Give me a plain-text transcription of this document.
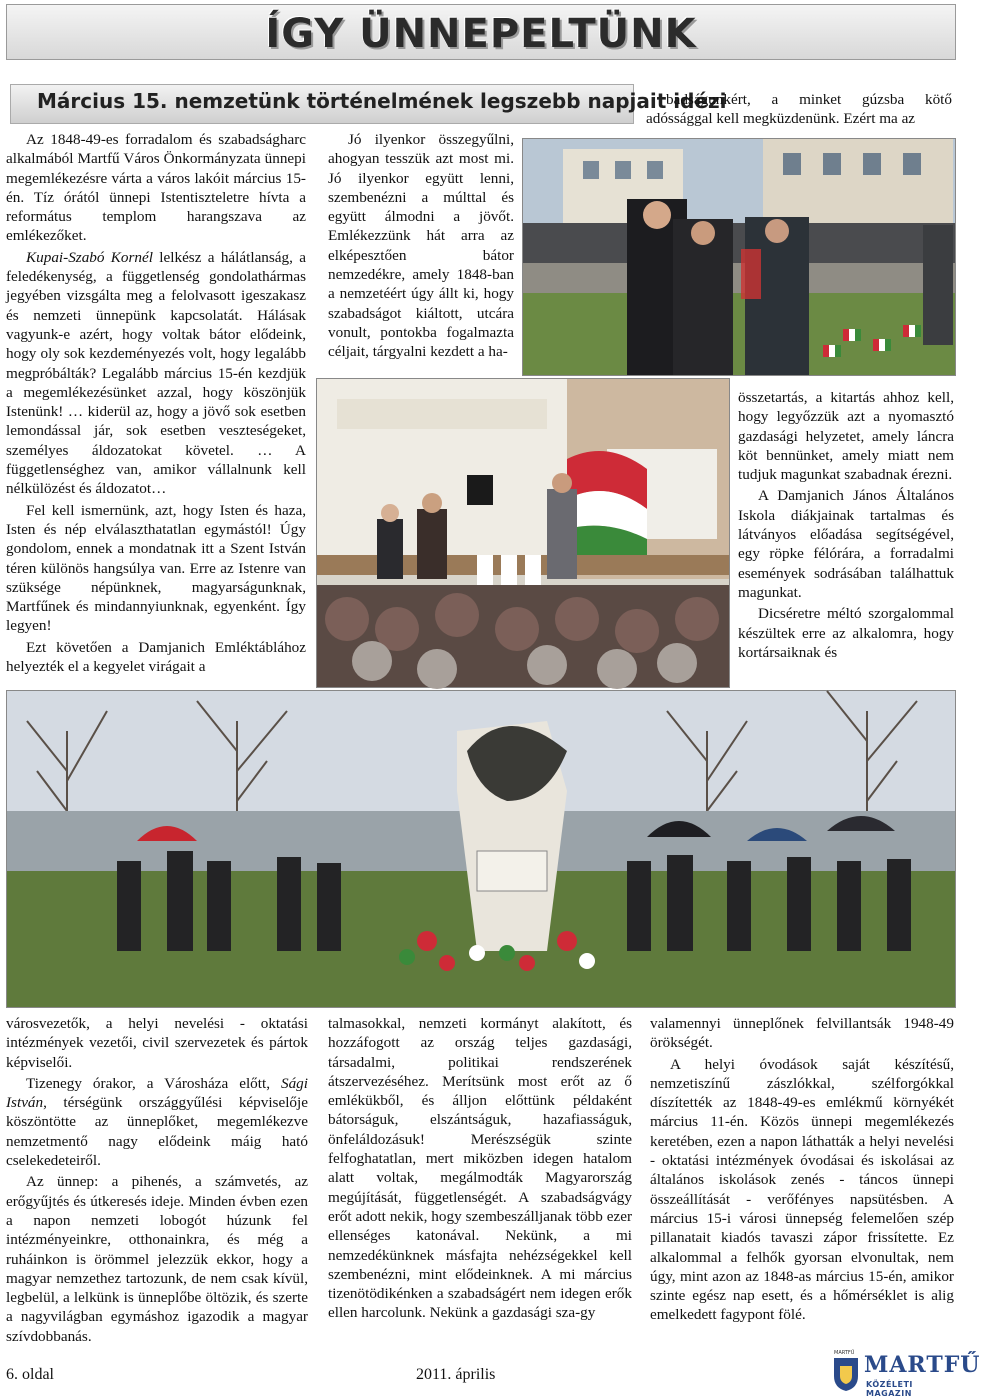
ÍGY ÜNNEPELTÜNK
Március 15. nemzetünk történelmének legszebb napjait idézi

Az 1848-49-es forradalom és szabadságharc alkalmából Martfű Város Önkormányzata ünnepi megemlékezésre várta a város lakóit március 15-én. Tíz órától ünnepi Istentiszteletre hívta a református templom harangszava az emlékezőket.

Kupai-Szabó Kornél lelkész a hálátlanság, a feledékenység, a függetlenség gondolathármas jegyében vizsgálta meg a felolvasott igeszakasz és nemzeti ünnepünk kapcsolatát. Hálásak vagyunk-e azért, hogy voltak bátor elődeink, hogy oly sok kezdeményezés volt, hogy legalább megpróbálták? Legalább március 15-én kezdjük a megemlékezésünket azzal, hogy köszönjük Istenünk! … kiderül az, hogy a jövő sok esetben lemondással jár, sok esetben veszteségeket, személyes áldozatokat követel. … A függetlenséghez van, amikor vállalnunk kell nélkülözést és áldozatot…

Fel kell ismernünk, azt, hogy Isten és haza, Isten és nép elválaszthatatlan egymástól! Úgy gondolom, ennek a mondatnak itt a Szent István téren különös hangsúlya van. Erre az Istenre van szüksége népünknek, magyarságunknak, Martfűnek és mindannyiunknak, egyenként. Így legyen!

Ezt követően a Damjanich Emléktáblához helyezték el a kegyelet virágait a

Jó ilyenkor összegyűlni, ahogyan tesszük azt most mi. Jó ilyenkor együtt lenni, szembenézni a múlttal és együtt álmodni a jövőt. Emlékezzünk hát arra az elképesztően bátor nemzedékre, amely 1848-ban a nemzetéért úgy állt ki, hogy szabadságot kiáltott, utcára vonult, pontokba fogalmazta céljait, tárgyalni kezdett a ha-

badságunkért, a minket gúzsba kötő adóssággal kell megküzdenünk. Ezért ma az

összetartás, a kitartás ahhoz kell, hogy legyőzzük azt a nyomasztó gazdasági helyzetet, amely láncra köt bennünket, amely miatt nem tudjuk magunkat szabadnak érezni.

A Damjanich János Általános Iskola diákjainak tartalmas és látványos előadása segítségével, egy röpke félórára, a forradalmi események sodrásában találhattuk magunkat.

Dicséretre méltó szorgalommal készültek erre az alkalomra, hogy kortársaiknak és

városvezetők, a helyi nevelési - oktatási intézmények vezetői, civil szervezetek és pártok képviselői.

Tizenegy órakor, a Városháza előtt, Sági István, térségünk országgyűlési képviselője köszöntötte az ünneplőket, megemlékezve nemzetmentő nagy elődeink máig ható cselekedeteiről.

Az ünnep: a pihenés, a számvetés, az erőgyűjtés és útkeresés ideje. Minden évben ezen a napon nemzeti lobogót húzunk fel intézményeinkre, otthonainkra, és még a ruháinkon is örömmel jelezzük ekkor, hogy a magyar nemzethez tartozunk, de nem csak kívül, legbelül, a lelkünk is ünneplőbe öltözik, és szerte a nagyvilágban egymáshoz igazodik a magyar szívdobbanás.

talmasokkal, nemzeti kormányt alakított, és hozzáfogott az ország teljes gazdasági, társadalmi, politikai rendszerének átszervezéséhez. Merítsünk most erőt az ő emlékükből, és álljon előttünk példaként bátorságuk, elszántságuk, hazafiasságuk, önfeláldozásuk! Merészségük szinte felfoghatatlan, mert miközben idegen hatalom alatt voltak, megálmodták Magyarország megújítását, függetlenségét. A szabadságvágy erőt adott nekik, hogy szembeszálljanak több ezer ellenséges katonával. Nekünk, a mi nemzedékünknek másfajta nehézségekkel kell szembenézni, mint elődeinknek. A mi március tizenötödikénken a szabadságért nem idegen erők ellen harcolunk. Nekünk a gazdasági sza-gy

valamennyi ünneplőnek felvillantsák 1948-49 örökségét.

A helyi óvodások saját készítésű, nemzetiszínű zászlókkal, szélforgókkal díszítették az 1848-49-es emlékmű környékét március 11-én. Közös ünnepi megemlékezés keretében, ezen a napon láthatták a helyi nevelési - oktatási intézmények óvodásai és iskolásai az általános iskolások zenés - táncos ünnepi összeállítását - verőfényes napsütésben. A március 15-i városi ünnepség felemelően szép pillanatait kiadós tavaszi zápor frissítette. Ez alkalommal a felhők gyorsan elvonultak, nem úgy, mint azon az 1848-as március 15-én, amikor szinte egész nap esett, és a hőmérséklet is alig emelkedett fagypont fölé.

6. oldal	2011. április
MARTFŰ MARTFŰ
KÖZÉLETI MAGAZIN
